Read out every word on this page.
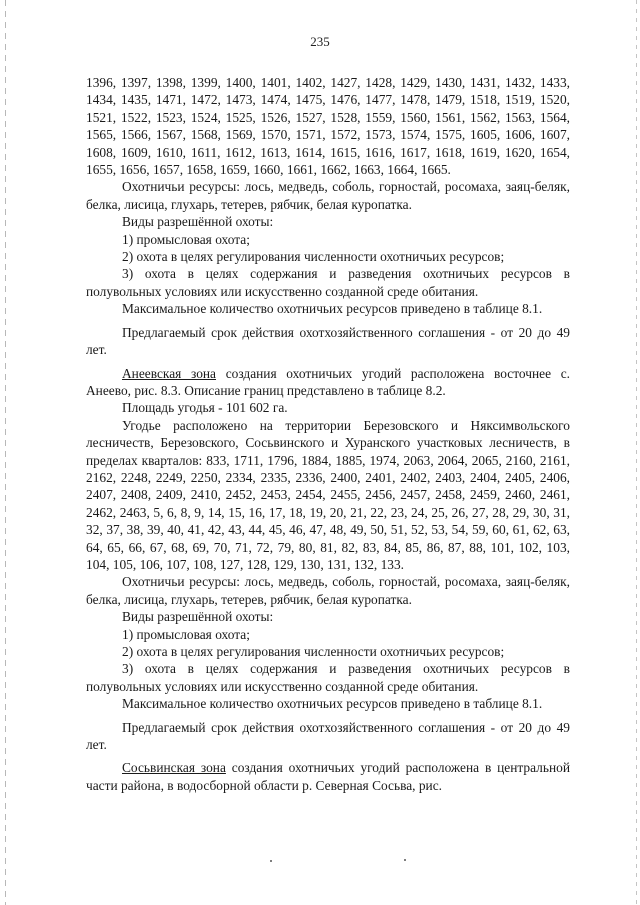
235

1396, 1397, 1398, 1399, 1400, 1401, 1402, 1427, 1428, 1429, 1430, 1431, 1432, 1433, 1434, 1435, 1471, 1472, 1473, 1474, 1475, 1476, 1477, 1478, 1479, 1518, 1519, 1520, 1521, 1522, 1523, 1524, 1525, 1526, 1527, 1528, 1559, 1560, 1561, 1562, 1563, 1564, 1565, 1566, 1567, 1568, 1569, 1570, 1571, 1572, 1573, 1574, 1575, 1605, 1606, 1607, 1608, 1609, 1610, 1611, 1612, 1613, 1614, 1615, 1616, 1617, 1618, 1619, 1620, 1654, 1655, 1656, 1657, 1658, 1659, 1660, 1661, 1662, 1663, 1664, 1665.

Охотничьи ресурсы: лось, медведь, соболь, горностай, росомаха, заяц-беляк, белка, лисица, глухарь, тетерев, рябчик, белая куропатка.

Виды разрешённой охоты:

1) промысловая охота;

2) охота в целях регулирования численности охотничьих ресурсов;

3) охота в целях содержания и разведения охотничьих ресурсов в полувольных условиях или искусственно созданной среде обитания.

Максимальное количество охотничьих ресурсов приведено в таблице 8.1.

Предлагаемый срок действия охотхозяйственного соглашения - от 20 до 49 лет.

Анеевская зона создания охотничьих угодий расположена восточнее с. Анеево, рис. 8.3. Описание границ представлено в таблице 8.2.

Площадь угодья - 101 602 га.

Угодье расположено на территории Березовского и Няксимвольского лесничеств, Березовского, Сосьвинского и Хуранского участковых лесничеств, в пределах кварталов: 833, 1711, 1796, 1884, 1885, 1974, 2063, 2064, 2065, 2160, 2161, 2162, 2248, 2249, 2250, 2334, 2335, 2336, 2400, 2401, 2402, 2403, 2404, 2405, 2406, 2407, 2408, 2409, 2410, 2452, 2453, 2454, 2455, 2456, 2457, 2458, 2459, 2460, 2461, 2462, 2463, 5, 6, 8, 9, 14, 15, 16, 17, 18, 19, 20, 21, 22, 23, 24, 25, 26, 27, 28, 29, 30, 31, 32, 37, 38, 39, 40, 41, 42, 43, 44, 45, 46, 47, 48, 49, 50, 51, 52, 53, 54, 59, 60, 61, 62, 63, 64, 65, 66, 67, 68, 69, 70, 71, 72, 79, 80, 81, 82, 83, 84, 85, 86, 87, 88, 101, 102, 103, 104, 105, 106, 107, 108, 127, 128, 129, 130, 131, 132, 133.

Охотничьи ресурсы: лось, медведь, соболь, горностай, росомаха, заяц-беляк, белка, лисица, глухарь, тетерев, рябчик, белая куропатка.

Виды разрешённой охоты:

1) промысловая охота;

2) охота в целях регулирования численности охотничьих ресурсов;

3) охота в целях содержания и разведения охотничьих ресурсов в полувольных условиях или искусственно созданной среде обитания.

Максимальное количество охотничьих ресурсов приведено в таблице 8.1.

Предлагаемый срок действия охотхозяйственного соглашения - от 20 до 49 лет.

Сосьвинская зона создания охотничьих угодий расположена в центральной части района, в водосборной области р. Северная Сосьва, рис.
